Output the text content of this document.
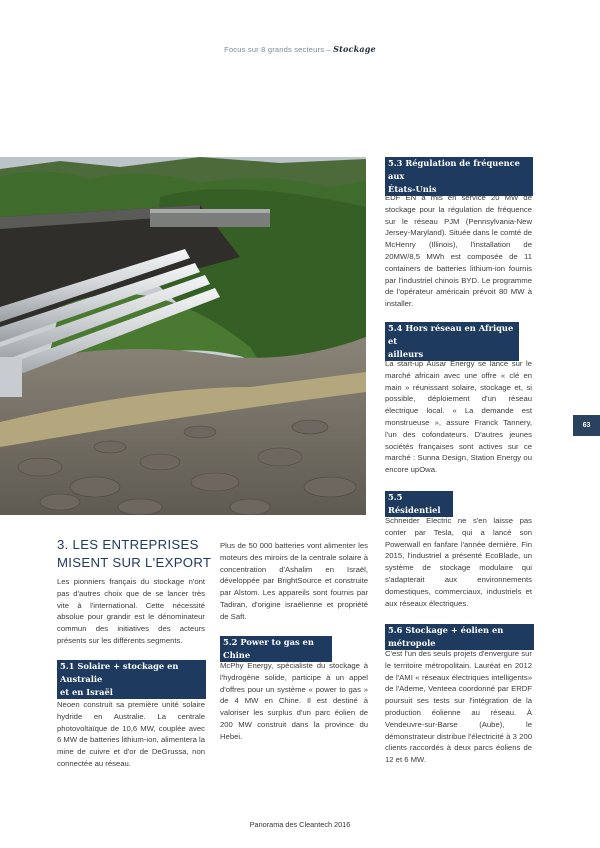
Focus sur 8 grands secteurs – Stockage
5.3 Régulation de fréquence aux
États-Unis
EDF EN a mis en service 20 MW de stockage pour la régulation de fréquence sur le réseau PJM (Pennsylvania-New Jersey-Maryland). Située dans le comté de McHenry (Illinois), l'installation de 20MW/8,5 MWh est composée de 11 containers de batteries lithium-ion fournis par l'industriel chinois BYD. Le programme de l'opérateur américain prévoit 80 MW à installer.
5.4 Hors réseau en Afrique et
ailleurs
La start-up Ausar Energy se lance sur le marché africain avec une offre « clé en main » réunissant solaire, stockage et, si possible, déploiement d'un réseau électrique local. « La demande est monstrueuse », assure Franck Tannery, l'un des cofondateurs. D'autres jeunes sociétés françaises sont actives sur ce marché : Sunna Design, Station Energy ou encore upOwa.
5.5 Résidentiel
Schneider Electric ne s'en laisse pas conter par Tesla, qui a lancé son Powerwall en fanfare l'année dernière. Fin 2015, l'industriel a présenté EcoBlade, un système de stockage modulaire qui s'adapterait aux environnements domestiques, commerciaux, industriels et aux réseaux électriques.
5.6 Stockage + éolien en métropole
C'est l'un des seuls projets d'envergure sur le territoire métropolitain. Lauréat en 2012 de l'AMI « réseaux électriques intelligents» de l'Ademe, Venteea coordonné par ERDF poursuit ses tests sur l'intégration de la production éolienne au réseau. À Vendeuvre-sur-Barse (Aube), le démonstrateur distribue l'électricité à 3 200 clients raccordés à deux parcs éoliens de 12 et 6 MW.
3. LES ENTREPRISES
MISENT SUR L'EXPORT
Les pionniers français du stockage n'ont pas d'autres choix que de se lancer très vite à l'international. Cette nécessité absolue pour grandir est le dénominateur commun des initiatives des acteurs présents sur les différents segments.
5.1 Solaire + stockage en Australie
et en Israël
Neoen construit sa première unité solaire hydride en Australie. La centrale photovoltaïque de 10,6 MW, couplée avec 6 MW de batteries lithium-ion, alimentera la mine de cuivre et d'or de DeGrussa, non connectée au réseau.
Plus de 50 000 batteries vont alimenter les moteurs des miroirs de la centrale solaire à concentration d'Ashalim en Israël, développée par BrightSource et construite par Alstom. Les appareils sont fournis par Tadiran, d'origine israélienne et propriété de Saft.
5.2 Power to gas en Chine
McPhy Energy, spécialiste du stockage à l'hydrogène solide, participe à un appel d'offres pour un système « power to gas » de 4 MW en Chine. Il est destiné à valoriser les surplus d'un parc éolien de 200 MW construit dans la province du Hebei.
63
Panorama des Cleantech 2016
